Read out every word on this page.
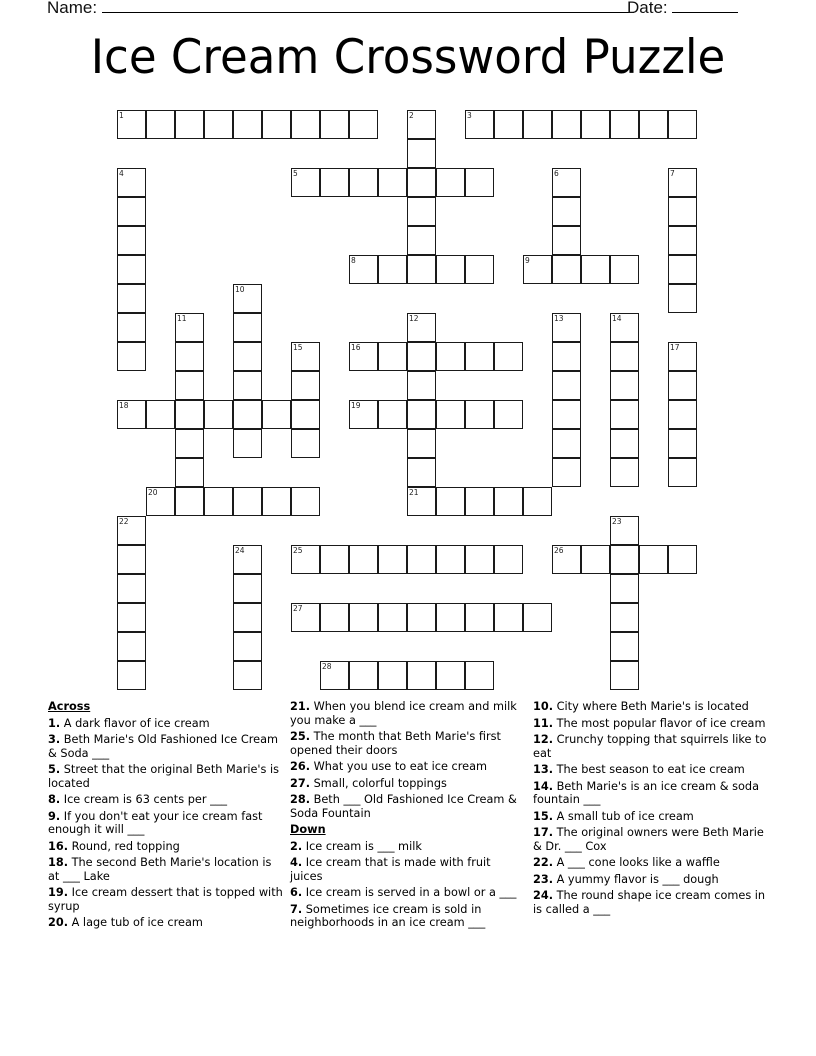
Name:	Date:
Ice Cream Crossword Puzzle
1	2	3
4	5	6	7
8	9
10
11	12
21
13	14
15	16	17
18	19
20
22	23
24	25	26
27
28
Across
1. A dark flavor of ice cream
3. Beth Marie's Old Fashioned Ice Cream & Soda ___
5. Street that the original Beth Marie's is located
8. Ice cream is 63 cents per ___
9. If you don't eat your ice cream fast enough it will ___
16. Round, red topping
18. The second Beth Marie's location is at ___ Lake
19. Ice cream dessert that is topped with syrup
20. A lage tub of ice cream
21. When you blend ice cream and milk you make a ___
25. The month that Beth Marie's first opened their doors
26. What you use to eat ice cream
27. Small, colorful toppings
28. Beth ___ Old Fashioned Ice Cream & Soda Fountain
Down
2. Ice cream is ___ milk
4. Ice cream that is made with fruit juices
6. Ice cream is served in a bowl or a ___
7. Sometimes ice cream is sold in neighborhoods in an ice cream ___
10. City where Beth Marie's is located
11. The most popular flavor of ice cream
12. Crunchy topping that squirrels like to eat
13. The best season to eat ice cream
14. Beth Marie's is an ice cream & soda fountain ___
15. A small tub of ice cream
17. The original owners were Beth Marie & Dr. ___ Cox
22. A ___ cone looks like a waffle
23. A yummy flavor is ___ dough
24. The round shape ice cream comes in is called a ___
